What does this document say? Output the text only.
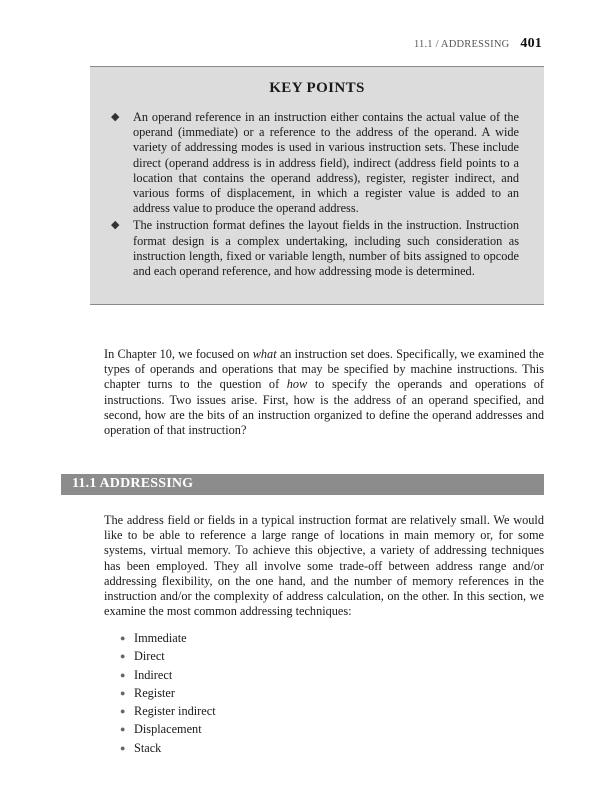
11.1 / ADDRESSING 401
KEY POINTS
◆ An operand reference in an instruction either contains the actual value of the operand (immediate) or a reference to the address of the operand. A wide variety of addressing modes is used in various instruction sets. These include direct (operand address is in address field), indirect (address field points to a location that contains the operand address), register, register indirect, and various forms of displacement, in which a register value is added to an address value to produce the operand address.
◆ The instruction format defines the layout fields in the instruction. Instruction format design is a complex undertaking, including such consideration as instruction length, fixed or variable length, number of bits assigned to opcode and each operand reference, and how addressing mode is determined.

In Chapter 10, we focused on what an instruction set does. Specifically, we examined the types of operands and operations that may be specified by machine instructions. This chapter turns to the question of how to specify the operands and operations of instructions. Two issues arise. First, how is the address of an operand specified, and second, how are the bits of an instruction organized to define the operand addresses and operation of that instruction?

11.1 ADDRESSING

The address field or fields in a typical instruction format are relatively small. We would like to be able to reference a large range of locations in main memory or, for some systems, virtual memory. To achieve this objective, a variety of addressing techniques has been employed. They all involve some trade-off between address range and/or addressing flexibility, on the one hand, and the number of memory references in the instruction and/or the complexity of address calculation, on the other. In this section, we examine the most common addressing techniques:

● Immediate
● Direct
● Indirect
● Register
● Register indirect
● Displacement
● Stack
